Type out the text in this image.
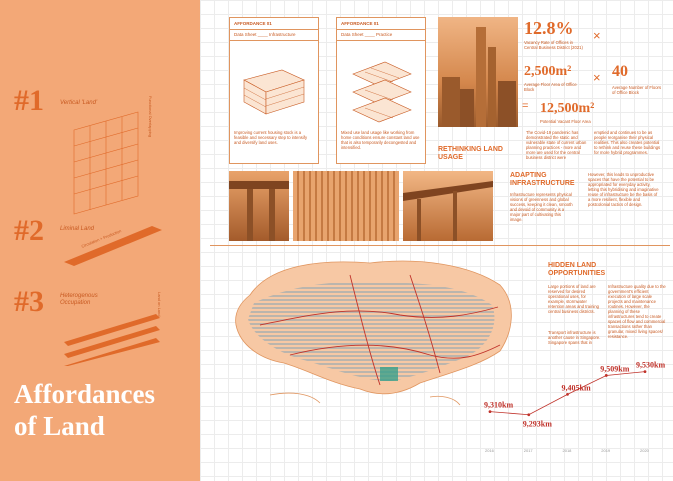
#1	Vertical 'Land'	Functional Overlapping
#2	Liminal Land
Circulation + Production
#3	Heterogenous Occupation	Land on Land
Affordances
of Land
AFFORDANCE 01
Data Sheet ____ Infrastructure
Improving current housing stock is a feasible and necessary step to intensify and diversify land uses.
AFFORDANCE 01
Data Sheet ____ Practice
Mixed use land usage like working from home conditions ensure constant land use that is also temporarily decongested and intensified.
12.8%
Vacancy Rate of Offices in Central Business District (2021)
×
2,500m²
Average Floor Area of Office Block
× 40
Average Number of Floors of Office Block
= 12,500m²
Potential Vacant Floor Area
RETHINKING LAND
USAGE
The Covid-19 pandemic has demonstrated the static and vulnerable state of current urban planning practices - more and more are used for the central business district were
emptied and continues to be as people reorganise their physical realities. This also creates potential to rethink and reuse these buildings for more hybrid programmes.
ADAPTING
INFRASTRUCTURE
Infrastructure represents physical visions of greenness and global success, keeping it clean, smooth and devoid of community is a major part of cultivating this image.
However, this leads to unproductive spaces that have the potential to be appropriated for everyday activity, letting this hybridising and imaginative reuse of infrastructure be the basis of a more resilient, flexible and postcolonial tactics of design.
HIDDEN LAND
OPPORTUNITIES
Large portions of land are reserved for desired operational uses, for example, stormwater retention areas and training central business districts.
Transport infrastructure is another cause in Singapore. Singapore spans that in
Infrastructure quality due to the government's efficient execution of large scale projects and maintenance routines. However, the planning of these infrastructures tend to create spaces of flow and commercial transactions rather than granular, mixed living spaces/ resistance.
9,310km
2016
9,293km
2017
9,405km
2018
9,509km
2019
9,530km
2020
